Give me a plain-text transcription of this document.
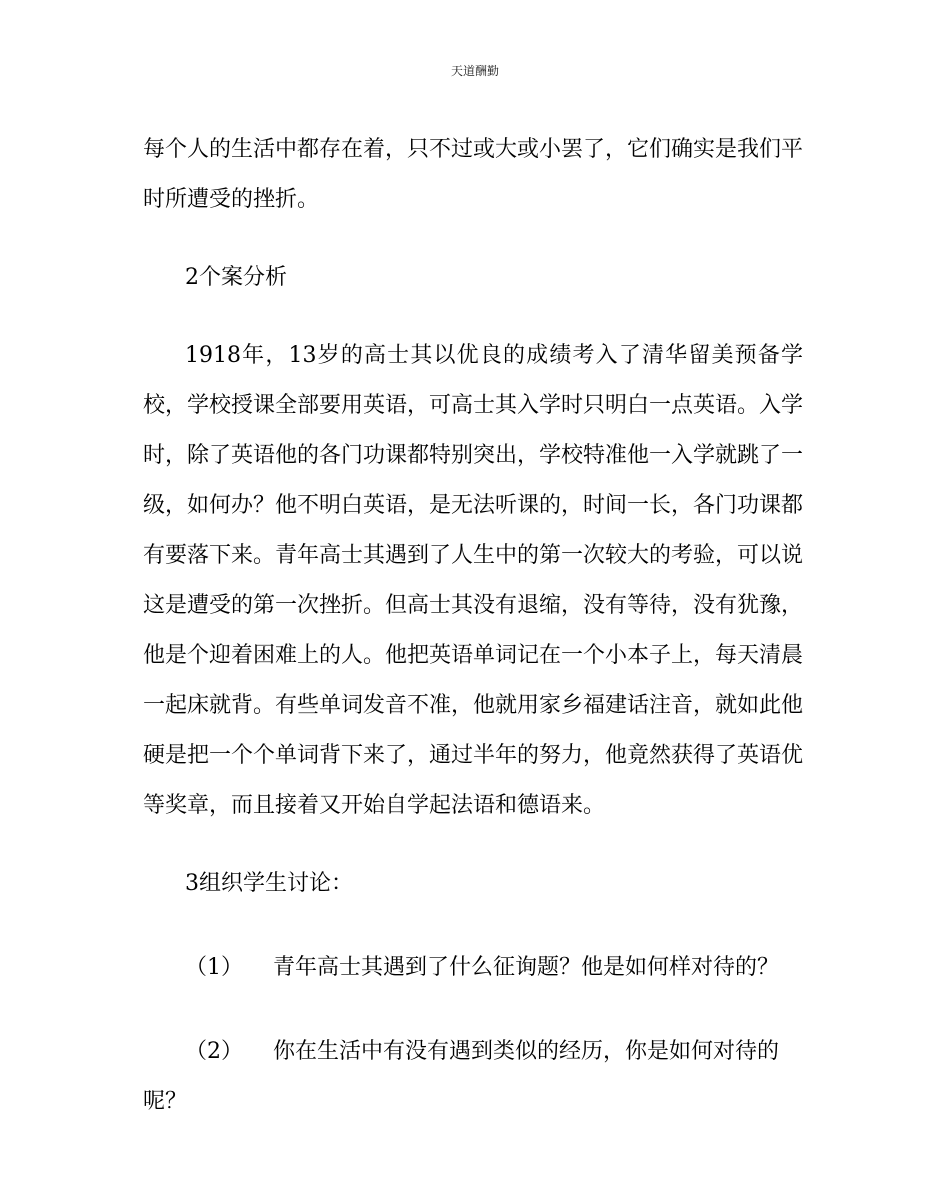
天道酬勤

每个人的生活中都存在着，只不过或大或小罢了，它们确实是我们平时所遭受的挫折。

2个案分析

1918年，13岁的高士其以优良的成绩考入了清华留美预备学校，学校授课全部要用英语，可高士其入学时只明白一点英语。入学时，除了英语他的各门功课都特别突出，学校特准他一入学就跳了一级，如何办？他不明白英语，是无法听课的，时间一长，各门功课都有要落下来。青年高士其遇到了人生中的第一次较大的考验，可以说这是遭受的第一次挫折。但高士其没有退缩，没有等待，没有犹豫，他是个迎着困难上的人。他把英语单词记在一个小本子上，每天清晨一起床就背。有些单词发音不准，他就用家乡福建话注音，就如此他硬是把一个个单词背下来了，通过半年的努力，他竟然获得了英语优等奖章，而且接着又开始自学起法语和德语来。

3组织学生讨论：

（1） 青年高士其遇到了什么征询题？他是如何样对待的？

（2） 你在生活中有没有遇到类似的经历，你是如何对待的呢？
